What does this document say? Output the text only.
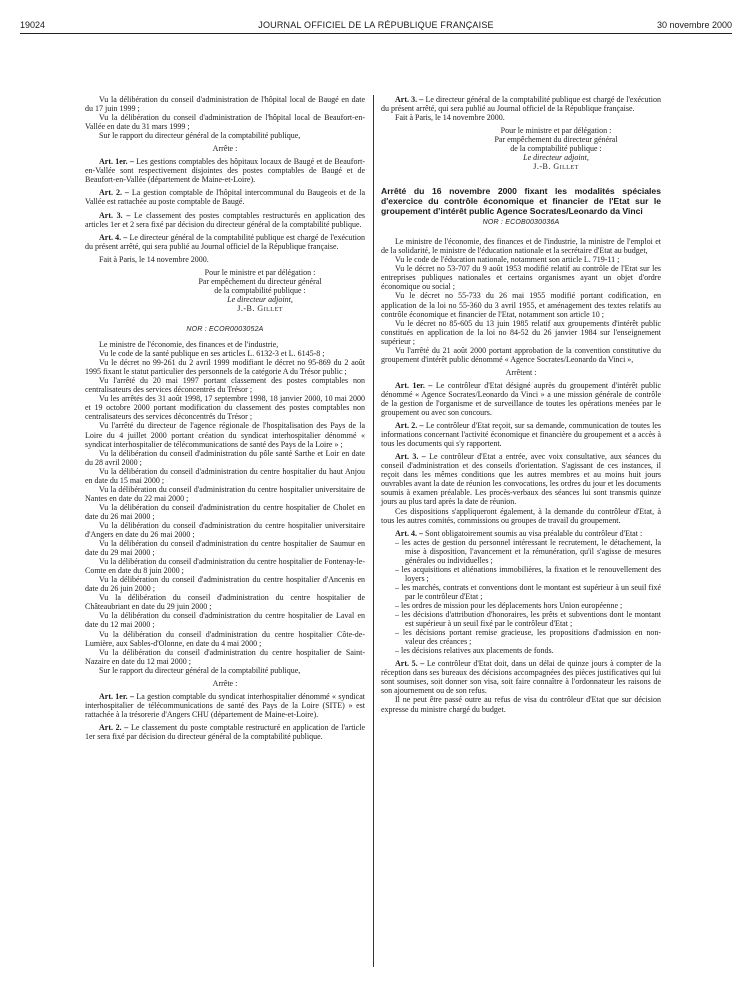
19024	JOURNAL OFFICIEL DE LA RÉPUBLIQUE FRANÇAISE	30 novembre 2000

Vu la délibération du conseil d'administration de l'hôpital local de Baugé en date du 17 juin 1999 ;

Vu la délibération du conseil d'administration de l'hôpital local de Beaufort-en-Vallée en date du 31 mars 1999 ;

Sur le rapport du directeur général de la comptabilité publique,

Arrête :

Art. 1er. – Les gestions comptables des hôpitaux locaux de Baugé et de Beaufort-en-Vallée sont respectivement disjointes des postes comptables de Baugé et de Beaufort-en-Vallée (département de Maine-et-Loire).

Art. 2. – La gestion comptable de l'hôpital intercommunal du Baugeois et de la Vallée est rattachée au poste comptable de Baugé.

Art. 3. – Le classement des postes comptables restructurés en application des articles 1er et 2 sera fixé par décision du directeur général de la comptabilité publique.

Art. 4. – Le directeur général de la comptabilité publique est chargé de l'exécution du présent arrêté, qui sera publié au Journal officiel de la République française.

Fait à Paris, le 14 novembre 2000.

Pour le ministre et par délégation :

Par empêchement du directeur général

de la comptabilité publique :

Le directeur adjoint,

J.-B. Gillet

NOR : ECOR0003052A

Le ministre de l'économie, des finances et de l'industrie,

Vu le code de la santé publique en ses articles L. 6132-3 et L. 6145-8 ;

Vu le décret no 99-261 du 2 avril 1999 modifiant le décret no 95-869 du 2 août 1995 fixant le statut particulier des personnels de la catégorie A du Trésor public ;

Vu l'arrêté du 20 mai 1997 portant classement des postes comptables non centralisateurs des services déconcentrés du Trésor ;

Vu les arrêtés des 31 août 1998, 17 septembre 1998, 18 janvier 2000, 10 mai 2000 et 19 octobre 2000 portant modification du classement des postes comptables non centralisateurs des services déconcentrés du Trésor ;

Vu l'arrêté du directeur de l'agence régionale de l'hospitalisation des Pays de la Loire du 4 juillet 2000 portant création du syndicat interhospitalier dénommé « syndicat interhospitalier de télécommunications de santé des Pays de la Loire » ;

Vu la délibération du conseil d'administration du pôle santé Sarthe et Loir en date du 28 avril 2000 ;

Vu la délibération du conseil d'administration du centre hospitalier du haut Anjou en date du 15 mai 2000 ;

Vu la délibération du conseil d'administration du centre hospitalier universitaire de Nantes en date du 22 mai 2000 ;

Vu la délibération du conseil d'administration du centre hospitalier de Cholet en date du 26 mai 2000 ;

Vu la délibération du conseil d'administration du centre hospitalier universitaire d'Angers en date du 26 mai 2000 ;

Vu la délibération du conseil d'administration du centre hospitalier de Saumur en date du 29 mai 2000 ;

Vu la délibération du conseil d'administration du centre hospitalier de Fontenay-le-Comte en date du 8 juin 2000 ;

Vu la délibération du conseil d'administration du centre hospitalier d'Ancenis en date du 26 juin 2000 ;

Vu la délibération du conseil d'administration du centre hospitalier de Châteaubriant en date du 29 juin 2000 ;

Vu la délibération du conseil d'administration du centre hospitalier de Laval en date du 12 mai 2000 ;

Vu la délibération du conseil d'administration du centre hospitalier Côte-de-Lumière, aux Sables-d'Olonne, en date du 4 mai 2000 ;

Vu la délibération du conseil d'administration du centre hospitalier de Saint-Nazaire en date du 12 mai 2000 ;

Sur le rapport du directeur général de la comptabilité publique,

Arrête :

Art. 1er. – La gestion comptable du syndicat interhospitalier dénommé « syndicat interhospitalier de télécommunications de santé des Pays de la Loire (SITE) » est rattachée à la trésorerie d'Angers CHU (département de Maine-et-Loire).

Art. 2. – Le classement du poste comptable restructuré en application de l'article 1er sera fixé par décision du directeur général de la comptabilité publique.

Art. 3. – Le directeur général de la comptabilité publique est chargé de l'exécution du présent arrêté, qui sera publié au Journal officiel de la République française.

Fait à Paris, le 14 novembre 2000.

Pour le ministre et par délégation :

Par empêchement du directeur général

de la comptabilité publique :

Le directeur adjoint,

J.-B. Gillet

Arrêté du 16 novembre 2000 fixant les modalités spéciales d'exercice du contrôle économique et financier de l'Etat sur le groupement d'intérêt public Agence Socrates/Leonardo da Vinci

NOR : ECOB0030036A

Le ministre de l'économie, des finances et de l'industrie, la ministre de l'emploi et de la solidarité, le ministre de l'éducation nationale et la secrétaire d'Etat au budget,

Vu le code de l'éducation nationale, notamment son article L. 719-11 ;

Vu le décret no 53-707 du 9 août 1953 modifié relatif au contrôle de l'Etat sur les entreprises publiques nationales et certains organismes ayant un objet d'ordre économique ou social ;

Vu le décret no 55-733 du 26 mai 1955 modifié portant codification, en application de la loi no 55-360 du 3 avril 1955, et aménagement des textes relatifs au contrôle économique et financier de l'Etat, notamment son article 10 ;

Vu le décret no 85-605 du 13 juin 1985 relatif aux groupements d'intérêt public constitués en application de la loi no 84-52 du 26 janvier 1984 sur l'enseignement supérieur ;

Vu l'arrêté du 21 août 2000 portant approbation de la convention constitutive du groupement d'intérêt public dénommé « Agence Socrates/Leonardo da Vinci »,

Arrêtent :

Art. 1er. – Le contrôleur d'Etat désigné auprès du groupement d'intérêt public dénommé « Agence Socrates/Leonardo da Vinci » a une mission générale de contrôle de la gestion de l'organisme et de surveillance de toutes les opérations menées par le groupement ou avec son concours.

Art. 2. – Le contrôleur d'Etat reçoit, sur sa demande, communication de toutes les informations concernant l'activité économique et financière du groupement et a accès à tous les documents qui s'y rapportent.

Art. 3. – Le contrôleur d'Etat a entrée, avec voix consultative, aux séances du conseil d'administration et des conseils d'orientation. S'agissant de ces instances, il reçoit dans les mêmes conditions que les autres membres et au moins huit jours ouvrables avant la date de réunion les convocations, les ordres du jour et les documents soumis à examen préalable. Les procès-verbaux des séances lui sont transmis quinze jours au plus tard après la date de réunion.

Ces dispositions s'appliqueront également, à la demande du contrôleur d'Etat, à tous les autres comités, commissions ou groupes de travail du groupement.

Art. 4. – Sont obligatoirement soumis au visa préalable du contrôleur d'Etat :

– les actes de gestion du personnel intéressant le recrutement, le détachement, la mise à disposition, l'avancement et la rémunération, qu'il s'agisse de mesures générales ou individuelles ;

– les acquisitions et aliénations immobilières, la fixation et le renouvellement des loyers ;

– les marchés, contrats et conventions dont le montant est supérieur à un seuil fixé par le contrôleur d'Etat ;

– les ordres de mission pour les déplacements hors Union européenne ;

– les décisions d'attribution d'honoraires, les prêts et subventions dont le montant est supérieur à un seuil fixé par le contrôleur d'Etat ;

– les décisions portant remise gracieuse, les propositions d'admission en non-valeur des créances ;

– les décisions relatives aux placements de fonds.

Art. 5. – Le contrôleur d'Etat doit, dans un délai de quinze jours à compter de la réception dans ses bureaux des décisions accompagnées des pièces justificatives qui lui sont soumises, soit donner son visa, soit faire connaître à l'ordonnateur les raisons de son ajournement ou de son refus.

Il ne peut être passé outre au refus de visa du contrôleur d'Etat que sur décision expresse du ministre chargé du budget.
